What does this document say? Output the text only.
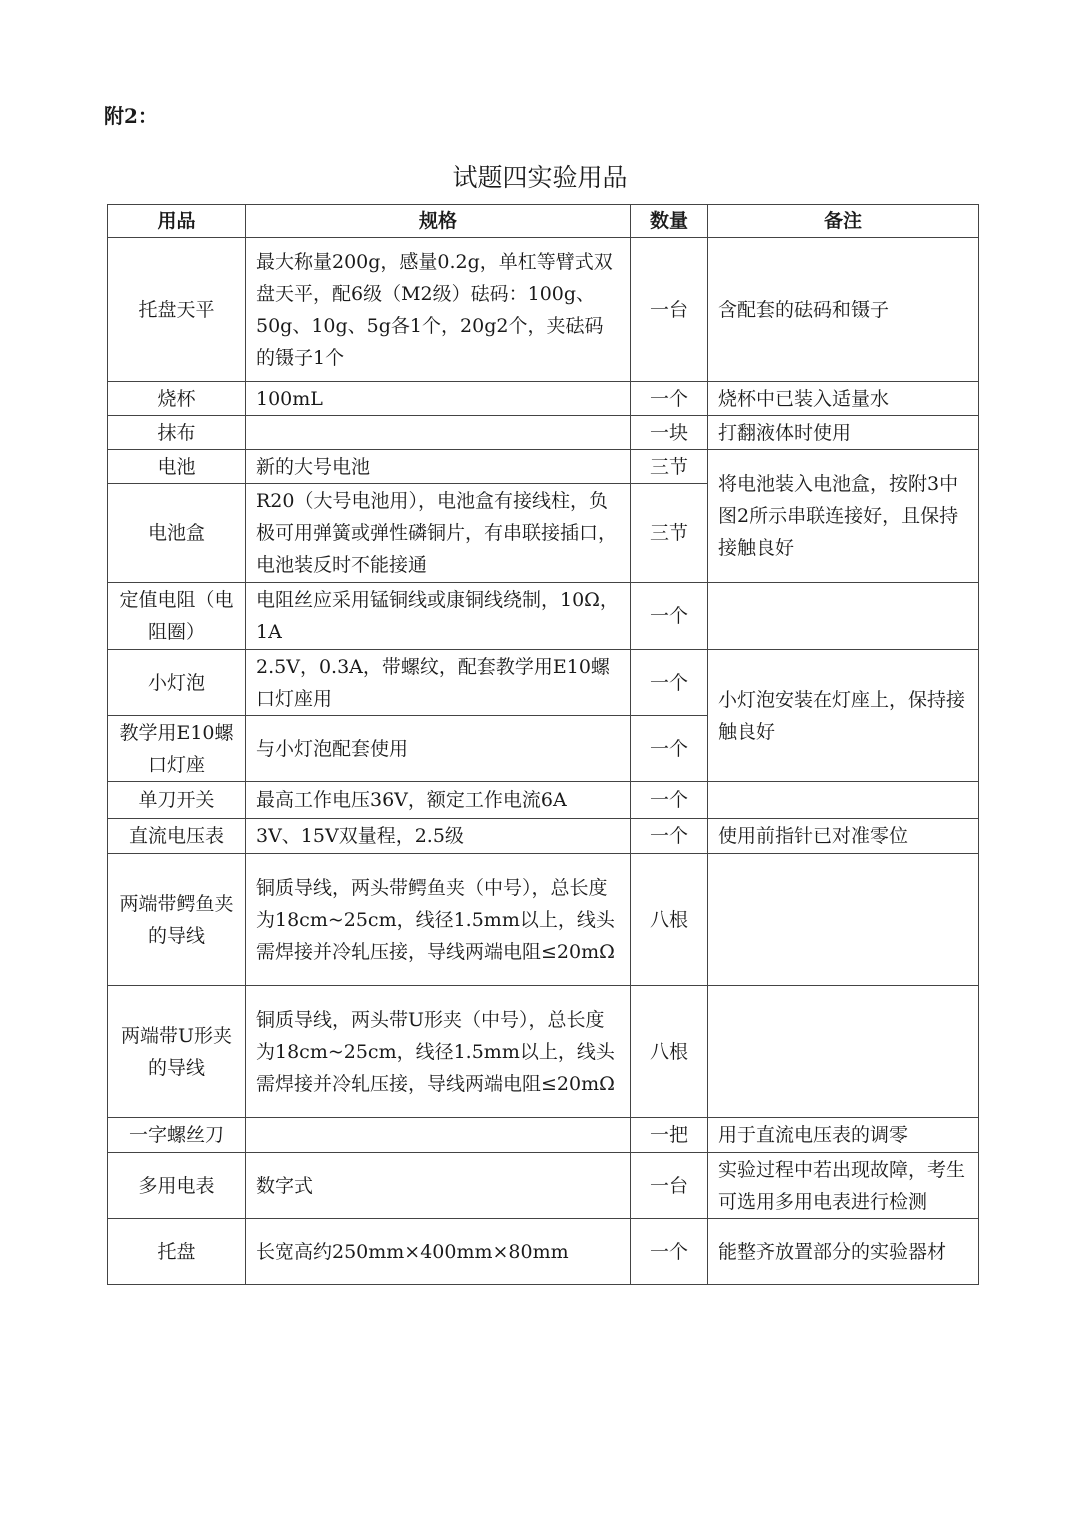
附2：
试题四实验用品
用品	规格	数量	备注
托盘天平	最大称量200g，感量0.2g，单杠等臂式双盘天平，配6级（M2级）砝码：100g、50g、10g、5g各1个，20g2个，夹砝码的镊子1个	一台	含配套的砝码和镊子
烧杯	100mL	一个	烧杯中已装入适量水
抹布		一块	打翻液体时使用
电池	新的大号电池	三节	将电池装入电池盒，按附3中图2所示串联连接好，且保持接触良好
电池盒	R20（大号电池用），电池盒有接线柱，负极可用弹簧或弹性磷铜片，有串联接插口，电池装反时不能接通	三节	
定值电阻（电阻圈）	电阻丝应采用锰铜线或康铜线绕制，10Ω，1A	一个	
小灯泡	2.5V，0.3A，带螺纹，配套教学用E10螺口灯座用	一个	小灯泡安装在灯座上，保持接触良好
教学用E10螺口灯座	与小灯泡配套使用	一个	
单刀开关	最高工作电压36V，额定工作电流6A	一个	
直流电压表	3V、15V双量程，2.5级	一个	使用前指针已对准零位
两端带鳄鱼夹的导线	铜质导线，两头带鳄鱼夹（中号），总长度为18cm~25cm，线径1.5mm以上，线头需焊接并冷轧压接，导线两端电阻≤20mΩ	八根	
两端带U形夹的导线	铜质导线，两头带U形夹（中号），总长度为18cm~25cm，线径1.5mm以上，线头需焊接并冷轧压接，导线两端电阻≤20mΩ	八根	
一字螺丝刀		一把	用于直流电压表的调零
多用电表	数字式	一台	实验过程中若出现故障，考生可选用多用电表进行检测
托盘	长宽高约250mm×400mm×80mm	一个	能整齐放置部分的实验器材
